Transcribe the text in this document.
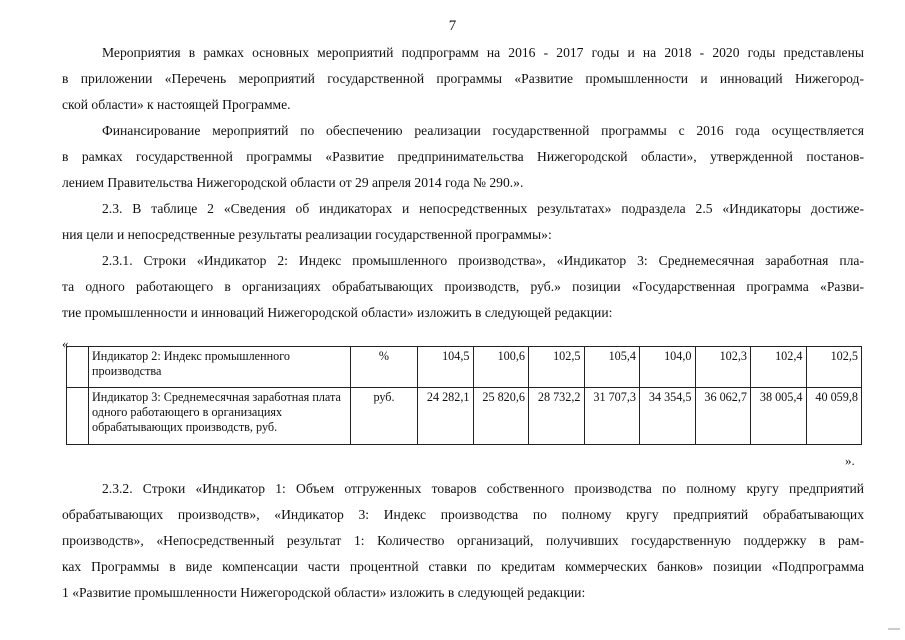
7
Мероприятия в рамках основных мероприятий подпрограмм на 2016 - 2017 годы и на 2018 - 2020 годы представлены
в приложении «Перечень мероприятий государственной программы «Развитие промышленности и инноваций Нижегород-
ской области» к настоящей Программе.
Финансирование мероприятий по обеспечению реализации государственной программы с 2016 года осуществляется
в рамках государственной программы «Развитие предпринимательства Нижегородской области», утвержденной постанов-
лением Правительства Нижегородской области от 29 апреля 2014 года № 290.».
2.3. В таблице 2 «Сведения об индикаторах и непосредственных результатах» подраздела 2.5 «Индикаторы достиже-
ния цели и непосредственные результаты реализации государственной программы»:
2.3.1. Строки «Индикатор 2: Индекс промышленного производства», «Индикатор 3: Среднемесячная заработная пла-
та одного работающего в организациях обрабатывающих производств, руб.» позиции «Государственная программа «Разви-
тие промышленности и инноваций Нижегородской области» изложить в следующей редакции:
«
	Индикатор 2: Индекс промышленного производства	%	104,5	100,6	102,5	105,4	104,0	102,3	102,4	102,5
	Индикатор 3: Среднемесячная заработная плата одного работающего в организациях обрабатывающих производств, руб.	руб.	24 282,1	25 820,6	28 732,2	31 707,3	34 354,5	36 062,7	38 005,4	40 059,8
».
2.3.2. Строки «Индикатор 1: Объем отгруженных товаров собственного производства по полному кругу предприятий
обрабатывающих производств», «Индикатор 3: Индекс производства по полному кругу предприятий обрабатывающих
производств», «Непосредственный результат 1: Количество организаций, получивших государственную поддержку в рам-
ках Программы в виде компенсации части процентной ставки по кредитам коммерческих банков» позиции «Подпрограмма
1 «Развитие промышленности Нижегородской области» изложить в следующей редакции:
